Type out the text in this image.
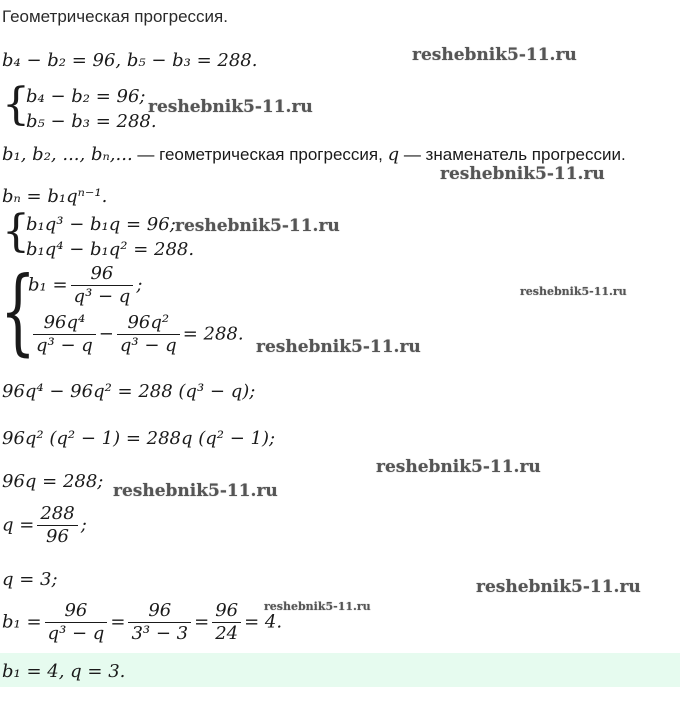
Геометрическая прогрессия.
b₄ − b₂ = 96, b₅ − b₃ = 288.
{
b₄ − b₂ = 96;
b₅ − b₃ = 288.
b₁, b₂, ..., bₙ,... — геометрическая прогрессия, q — знаменатель прогрессии.
bₙ = b₁qⁿ⁻¹.
{
b₁q³ − b₁q = 96;
b₁q⁴ − b₁q² = 288.
{
$b_1 = \frac{96}{\text{q³ − q}}$ ;
$\frac{\text{96q⁴}}{\text{q³ − q}} - \frac{\text{96q²}}{\text{q³ − q}} = 288$.
96q⁴ − 96q² = 288 (q³ − q);
96q² (q² − 1) = 288q (q² − 1);
96q = 288;
$q = \frac{288}{96}$ ;
q = 3;
$b_1 = \frac{96}{\text{q³ − q}} = \frac{96}{\text{3³ − 3}} = \frac{96}{24} = 4$.
b₁ = 4, q = 3.
reshebnik5-11.ru
reshebnik5-11.ru
reshebnik5-11.ru
reshebnik5-11.ru
reshebnik5-11.ru
reshebnik5-11.ru
reshebnik5-11.ru
reshebnik5-11.ru
reshebnik5-11.ru
reshebnik5-11.ru
